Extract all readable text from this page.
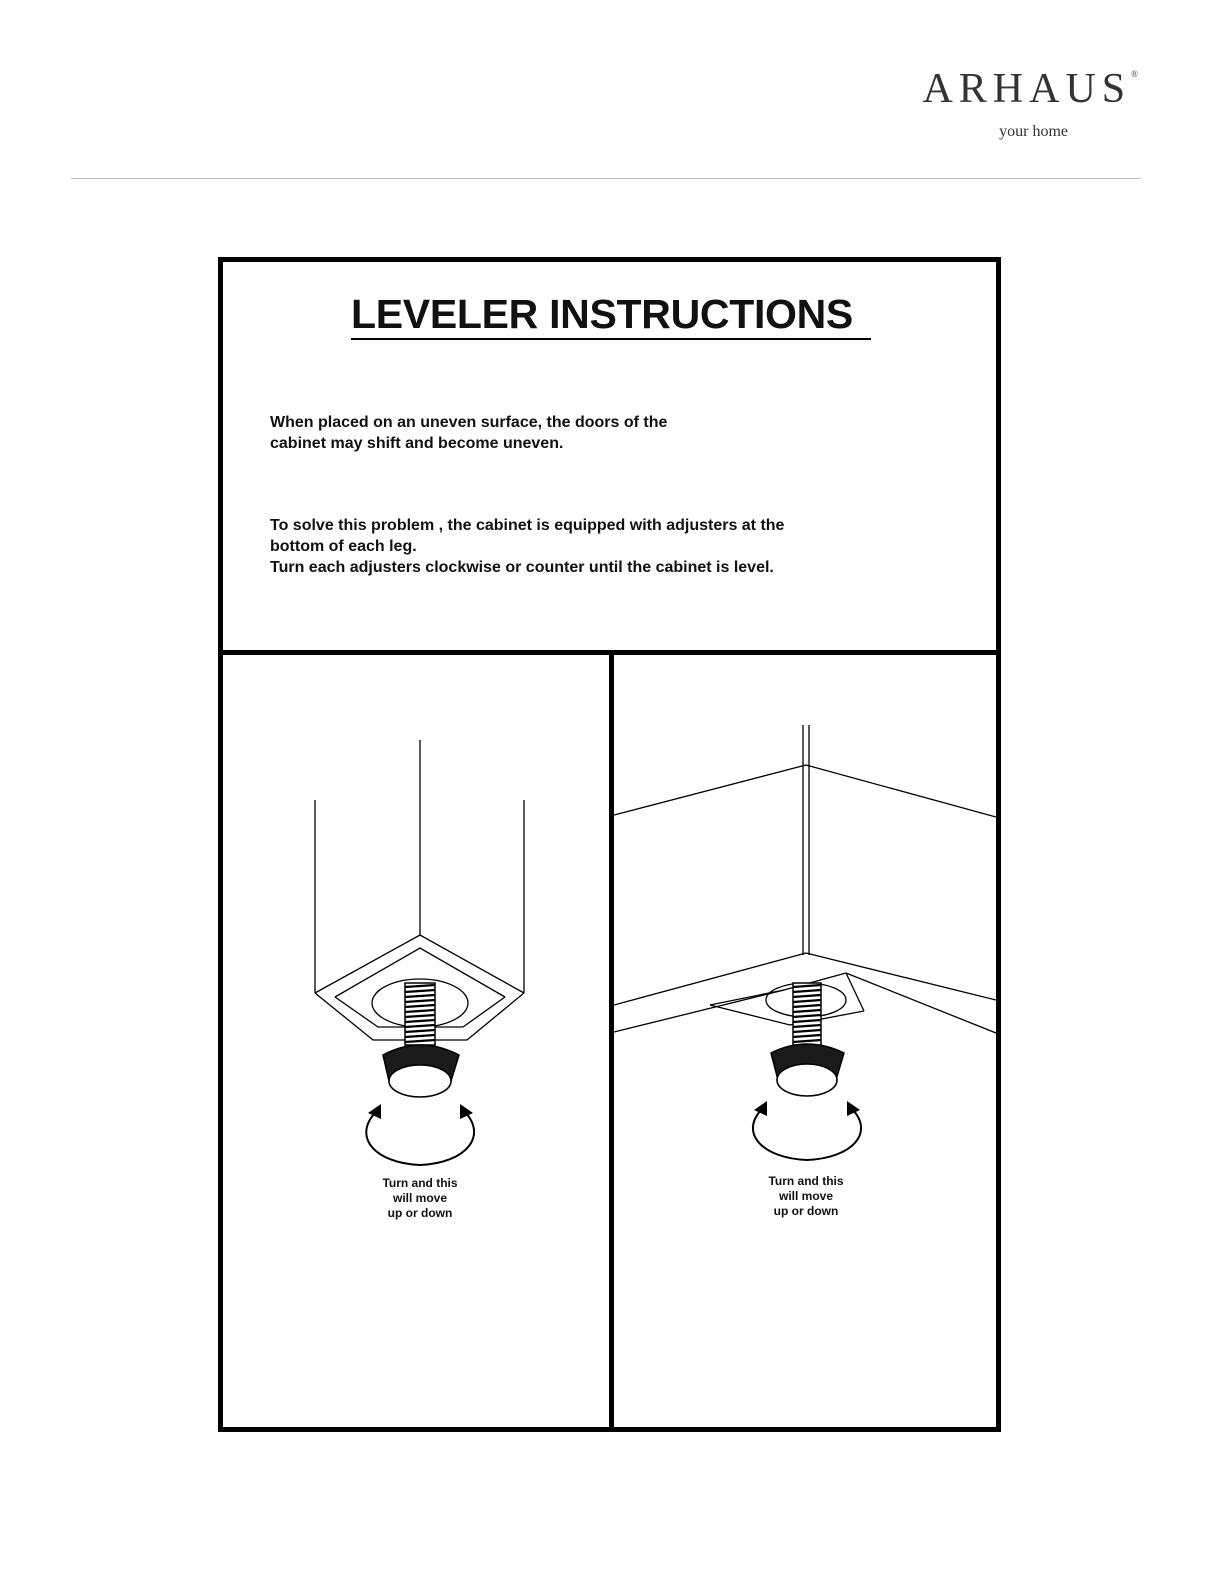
ARHAUS®
your home
LEVELER INSTRUCTIONS
When placed on an uneven surface, the doors of the
cabinet may shift and become uneven.
To solve this problem , the cabinet is equipped with adjusters at the
bottom of each leg.
Turn each adjusters clockwise or counter until the cabinet is level.
Turn and this
will move
up or down
Turn and this
will move
up or down
